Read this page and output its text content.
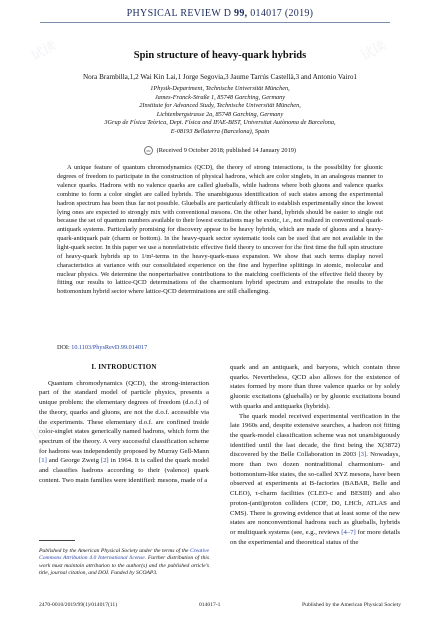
PHYSICAL REVIEW D 99, 014017 (2019)
Spin structure of heavy-quark hybrids
Nora Brambilla,1,2 Wai Kin Lai,1 Jorge Segovia,3 Jaume Tarrús Castellà,3 and Antonio Vairo1
1Physik-Department, Technische Universität München,
James-Franck-Straße 1, 85748 Garching, Germany
2Institute for Advanced Study, Technische Universität München,
Lichtenbergstrasse 2a, 85748 Garching, Germany
3Grup de Física Teòrica, Dept. Física and IFAE-BIST, Universitat Autònoma de Barcelona,
E-08193 Bellaterra (Barcelona), Spain
cc (Received 9 October 2018; published 14 January 2019)

A unique feature of quantum chromodynamics (QCD), the theory of strong interactions, is the possibility for gluonic degrees of freedom to participate in the construction of physical hadrons, which are color singlets, in an analogous manner to valence quarks. Hadrons with no valence quarks are called glueballs, while hadrons where both gluons and valence quarks combine to form a color singlet are called hybrids. The unambiguous identification of such states among the experimental hadron spectrum has been thus far not possible. Glueballs are particularly difficult to establish experimentally since the lowest lying ones are expected to strongly mix with conventional mesons. On the other hand, hybrids should be easier to single out because the set of quantum numbers available to their lowest excitations may be exotic, i.e., not realized in conventional quark-antiquark systems. Particularly promising for discovery appear to be heavy hybrids, which are made of gluons and a heavy-quark-antiquark pair (charm or bottom). In the heavy-quark sector systematic tools can be used that are not available in the light-quark sector. In this paper we use a nonrelativistic effective field theory to uncover for the first time the full spin structure of heavy-quark hybrids up to 1/m²-terms in the heavy-quark-mass expansion. We show that such terms display novel characteristics at variance with our consolidated experience on the fine and hyperfine splittings in atomic, molecular and nuclear physics. We determine the nonperturbative contributions to the matching coefficients of the effective field theory by fitting our results to lattice-QCD determinations of the charmonium hybrid spectrum and extrapolate the results to the bottomonium hybrid sector where lattice-QCD determinations are still challenging.

DOI: 10.1103/PhysRevD.99.014017
I. INTRODUCTION

Quantum chromodynamics (QCD), the strong-interaction part of the standard model of particle physics, presents a unique problem: the elementary degrees of freedom (d.o.f.) of the theory, quarks and gluons, are not the d.o.f. accessible via the experiments. These elementary d.o.f. are confined inside color-singlet states generically named hadrons, which form the spectrum of the theory. A very successful classification scheme for hadrons was independently proposed by Murray Gell-Mann [1] and George Zweig [2] in 1964. It is called the quark model and classifies hadrons according to their (valence) quark content. Two main families were identified: mesons, made of a

quark and an antiquark, and baryons, which contain three quarks. Nevertheless, QCD also allows for the existence of states formed by more than three valence quarks or by solely gluonic excitations (glueballs) or by gluonic excitations bound with quarks and antiquarks (hybrids).

The quark model received experimental verification in the late 1960s and, despite extensive searches, a hadron not fitting the quark-model classification scheme was not unambiguously identified until the last decade, the first being the X(3872) discovered by the Belle Collaboration in 2003 [3]. Nowadays, more than two dozen nontraditional charmonium- and bottomonium-like states, the so-called XYZ mesons, have been observed at experiments at B-factories (BABAR, Belle and CLEO), τ-charm facilities (CLEO-c and BESIII) and also proton-(anti)proton colliders (CDF, D0, LHCb, ATLAS and CMS). There is growing evidence that at least some of the new states are nonconventional hadrons such as glueballs, hybrids or multiquark systems (see, e.g., reviews [4–7] for more details on the experimental and theoretical status of the

Published by the American Physical Society under the terms of the Creative Commons Attribution 4.0 International license. Further distribution of this work must maintain attribution to the author(s) and the published article’s title, journal citation, and DOI. Funded by SCOAP3.
2470-0010/2019/99(1)/014017(11)	014017-1	Published by the American Physical Society
试读	试读
试读	试读
试读	试读
